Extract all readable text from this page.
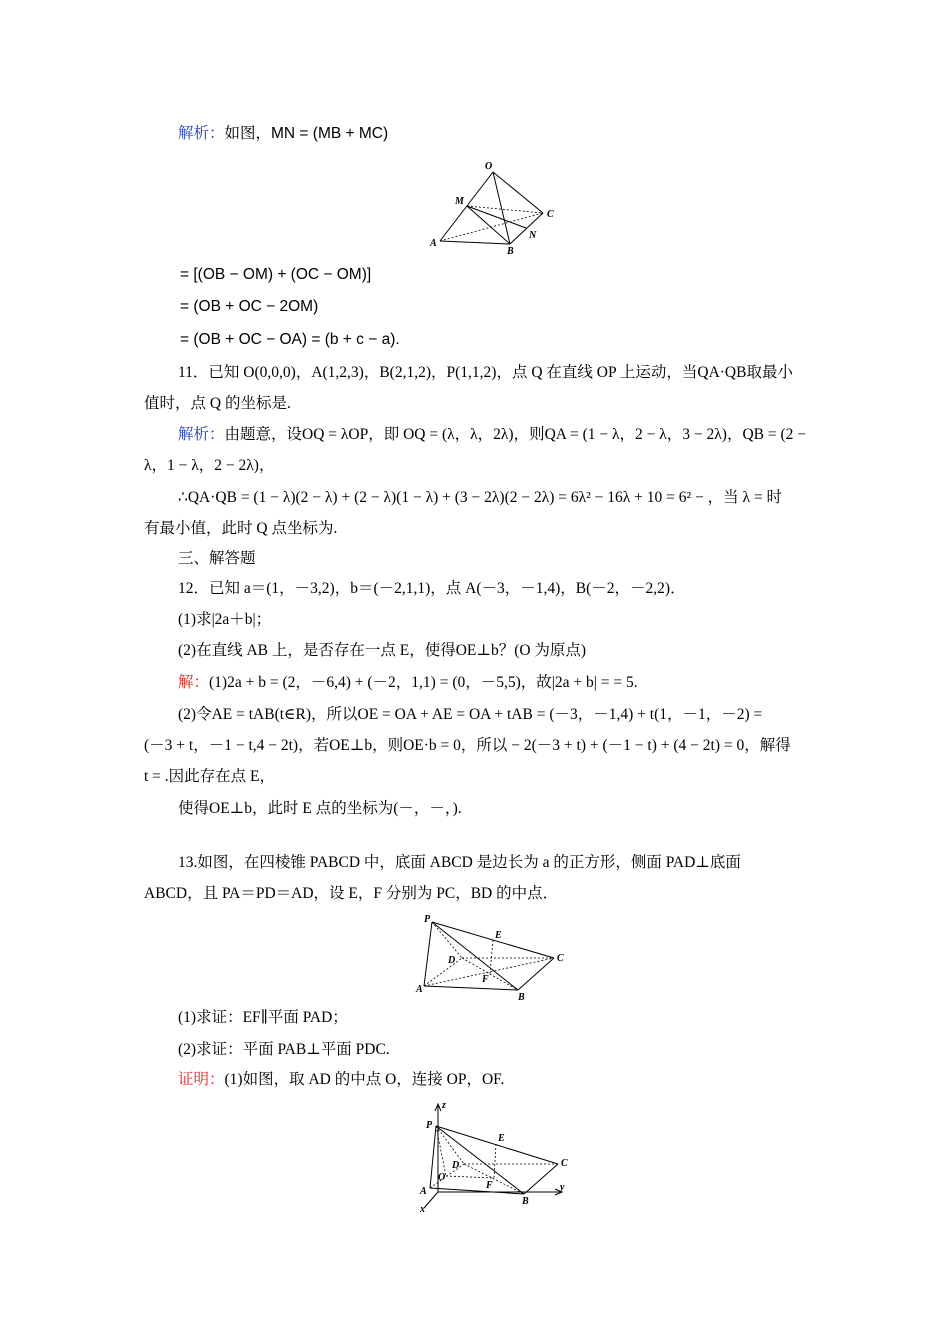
解析：如图，MN = (MB + MC)
O
M
C
N
A
B
= [(OB − OM) + (OC − OM)]
= (OB + OC − 2OM)
= (OB + OC − OA) = (b + c − a).
11．已知 O(0,0,0)，A(1,2,3)，B(2,1,2)，P(1,1,2)，点 Q 在直线 OP 上运动，当QA·QB取最小
值时，点 Q 的坐标是.
解析：由题意，设OQ = λOP，即 OQ = (λ，λ，2λ)，则QA = (1 − λ，2 − λ，3 − 2λ)，QB = (2 −
λ，1 − λ，2 − 2λ)，
∴QA·QB = (1 − λ)(2 − λ) + (2 − λ)(1 − λ) + (3 − 2λ)(2 − 2λ) = 6λ² − 16λ + 10 = 6² − ，当 λ = 时
有最小值，此时 Q 点坐标为.
三、解答题
12．已知 a＝(1，－3,2)，b＝(－2,1,1)，点 A(－3，－1,4)，B(－2，－2,2)．
(1)求|2a＋b|；
(2)在直线 AB 上，是否存在一点 E，使得OE⊥b？(O 为原点)
解：(1)2a + b = (2，－6,4) + (－2，1,1) = (0，－5,5)，故|2a + b| = = 5.
(2)令AE = tAB(t∈R)，所以OE = OA + AE = OA + tAB = (－3，－1,4) + t(1，－1，－2) =
(－3 + t，－1 − t,4 − 2t)，若OE⊥b，则OE·b = 0，所以 − 2(－3 + t) + (－1 − t) + (4 − 2t) = 0，解得
t = .因此存在点 E，
使得OE⊥b，此时 E 点的坐标为(－，－，).
13.如图，在四棱锥 PABCD 中，底面 ABCD 是边长为 a 的正方形，侧面 PAD⊥底面
ABCD，且 PA＝PD＝AD，设 E，F 分别为 PC，BD 的中点．
P
E
D	C
F
A
B
(1)求证：EF∥平面 PAD；
(2)求证：平面 PAB⊥平面 PDC.
证明：(1)如图，取 AD 的中点 O，连接 OP，OF.
z
P
E
D	C
O
F	y
A
B
x
